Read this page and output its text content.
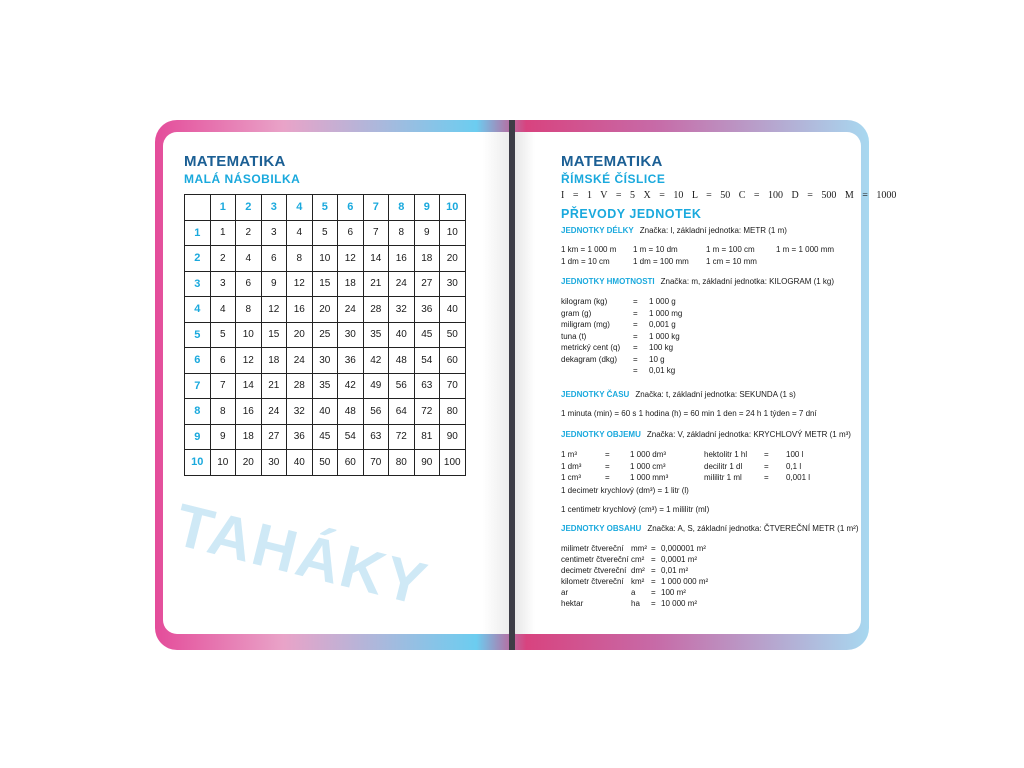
MATEMATIKA
MALÁ NÁSOBILKA
	1	2	3	4	5	6	7	8	9	10
1	1	2	3	4	5	6	7	8	9	10
2	2	4	6	8	10	12	14	16	18	20
3	3	6	9	12	15	18	21	24	27	30
4	4	8	12	16	20	24	28	32	36	40
5	5	10	15	20	25	30	35	40	45	50
6	6	12	18	24	30	36	42	48	54	60
7	7	14	21	28	35	42	49	56	63	70
8	8	16	24	32	40	48	56	64	72	80
9	9	18	27	36	45	54	63	72	81	90
10	10	20	30	40	50	60	70	80	90	100
TAHÁKY
MATEMATIKA
ŘÍMSKÉ ČÍSLICE
I = 1 V = 5 X = 10 L = 50 C = 100 D = 500 M = 1000
PŘEVODY JEDNOTEK
JEDNOTKY DÉLKY Značka: l, základní jednotka: METR (1 m)
1 km = 1 000 m	1 m = 10 dm	1 m = 100 cm	1 m = 1 000 mm
1 dm = 10 cm	1 dm = 100 mm	1 cm = 10 mm
JEDNOTKY HMOTNOSTI Značka: m, základní jednotka: KILOGRAM (1 kg)
kilogram (kg)	=	1 000 g
gram (g)	=	1 000 mg
miligram (mg)	=	0,001 g
tuna (t)	=	1 000 kg
metrický cent (q)	=	100 kg
dekagram (dkg)	=	10 g
=	0,01 kg
JEDNOTKY ČASU Značka: t, základní jednotka: SEKUNDA (1 s)
1 minuta (min) = 60 s 1 hodina (h) = 60 min 1 den = 24 h 1 týden = 7 dní
JEDNOTKY OBJEMU Značka: V, základní jednotka: KRYCHLOVÝ METR (1 m³)
1 m³	=	1 000 dm³	hektolitr 1 hl	=	100 l
1 dm³	=	1 000 cm³	decilitr 1 dl	=	0,1 l
1 cm³	=	1 000 mm³	mililitr 1 ml	=	0,001 l
1 decimetr krychlový (dm³) = 1 litr (l)
1 centimetr krychlový (cm³) = 1 mililitr (ml)
JEDNOTKY OBSAHU Značka: A, S, základní jednotka: ČTVEREČNÍ METR (1 m²)
milimetr čtvereční mm² = 0,000001 m²
centimetr čtvereční cm² = 0,0001 m²
decimetr čtvereční dm² = 0,01 m²
kilometr čtvereční km² = 1 000 000 m²
ar	a	= 100 m²
hektar	ha	= 10 000 m²
